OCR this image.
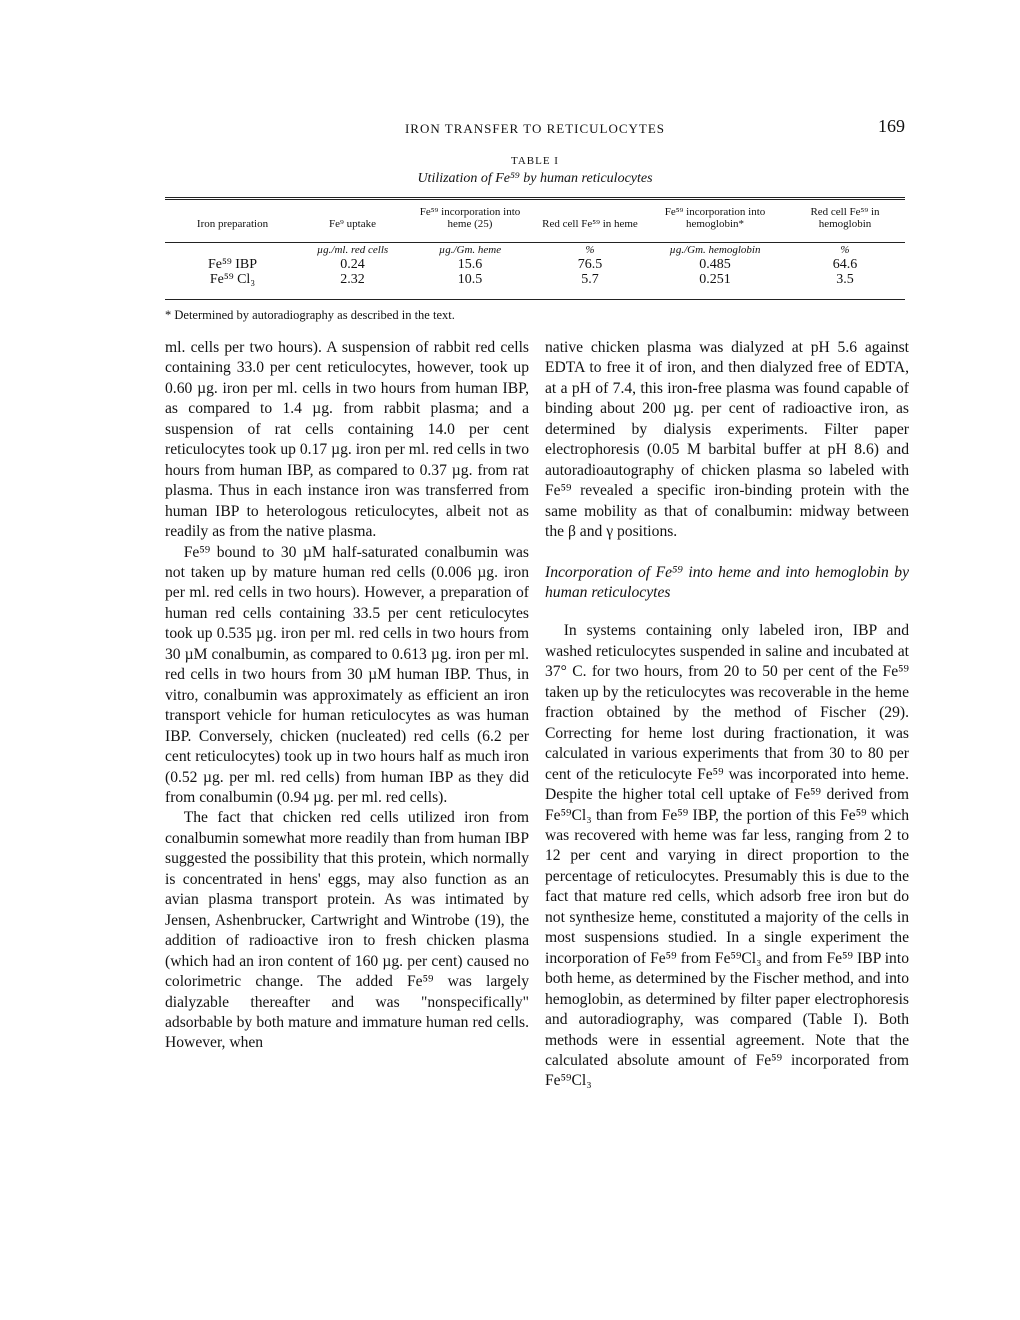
IRON TRANSFER TO RETICULOCYTES	169
TABLE I
Utilization of Fe⁵⁹ by human reticulocytes
Iron preparation	Fe⁹ uptake	Fe⁵⁹ incorporation into heme (25)	Red cell Fe⁵⁹ in heme	Fe⁵⁹ incorporation into hemoglobin*	Red cell Fe⁵⁹ in hemoglobin
	µg./ml. red cells	µg./Gm. heme	%	µg./Gm. hemoglobin	%
Fe⁵⁹ IBP	0.24	15.6	76.5	0.485	64.6
Fe⁵⁹ Cl₃	2.32	10.5	5.7	0.251	3.5
* Determined by autoradiography as described in the text.

ml. cells per two hours). A suspension of rabbit red cells containing 33.0 per cent reticulocytes, however, took up 0.60 µg. iron per ml. cells in two hours from human IBP, as compared to 1.4 µg. from rabbit plasma; and a suspension of rat cells containing 14.0 per cent reticulocytes took up 0.17 µg. iron per ml. red cells in two hours from human IBP, as compared to 0.37 µg. from rat plasma. Thus in each instance iron was transferred from human IBP to heterologous reticulocytes, albeit not as readily as from the native plasma.

Fe⁵⁹ bound to 30 µM half-saturated conalbumin was not taken up by mature human red cells (0.006 µg. iron per ml. red cells in two hours). However, a preparation of human red cells containing 33.5 per cent reticulocytes took up 0.535 µg. iron per ml. red cells in two hours from 30 µM conalbumin, as compared to 0.613 µg. iron per ml. red cells in two hours from 30 µM human IBP. Thus, in vitro, conalbumin was approximately as efficient an iron transport vehicle for human reticulocytes as was human IBP. Conversely, chicken (nucleated) red cells (6.2 per cent reticulocytes) took up in two hours half as much iron (0.52 µg. per ml. red cells) from human IBP as they did from conalbumin (0.94 µg. per ml. red cells).

The fact that chicken red cells utilized iron from conalbumin somewhat more readily than from human IBP suggested the possibility that this protein, which normally is concentrated in hens' eggs, may also function as an avian plasma transport protein. As was intimated by Jensen, Ashenbrucker, Cartwright and Wintrobe (19), the addition of radioactive iron to fresh chicken plasma (which had an iron content of 160 µg. per cent) caused no colorimetric change. The added Fe⁵⁹ was largely dialyzable thereafter and was "nonspecifically" adsorbable by both mature and immature human red cells. However, when

native chicken plasma was dialyzed at pH 5.6 against EDTA to free it of iron, and then dialyzed free of EDTA, at a pH of 7.4, this iron-free plasma was found capable of binding about 200 µg. per cent of radioactive iron, as determined by dialysis experiments. Filter paper electrophoresis (0.05 M barbital buffer at pH 8.6) and autoradioautography of chicken plasma so labeled with Fe⁵⁹ revealed a specific iron-binding protein with the same mobility as that of conalbumin: midway between the β and γ positions.

Incorporation of Fe⁵⁹ into heme and into hemoglobin by human reticulocytes

In systems containing only labeled iron, IBP and washed reticulocytes suspended in saline and incubated at 37° C. for two hours, from 20 to 50 per cent of the Fe⁵⁹ taken up by the reticulocytes was recoverable in the heme fraction obtained by the method of Fischer (29). Correcting for heme lost during fractionation, it was calculated in various experiments that from 30 to 80 per cent of the reticulocyte Fe⁵⁹ was incorporated into heme. Despite the higher total cell uptake of Fe⁵⁹ derived from Fe⁵⁹Cl₃ than from Fe⁵⁹ IBP, the portion of this Fe⁵⁹ which was recovered with heme was far less, ranging from 2 to 12 per cent and varying in direct proportion to the percentage of reticulocytes. Presumably this is due to the fact that mature red cells, which adsorb free iron but do not synthesize heme, constituted a majority of the cells in most suspensions studied. In a single experiment the incorporation of Fe⁵⁹ from Fe⁵⁹Cl₃ and from Fe⁵⁹ IBP into both heme, as determined by the Fischer method, and into hemoglobin, as determined by filter paper electrophoresis and autoradiography, was compared (Table I). Both methods were in essential agreement. Note that the calculated absolute amount of Fe⁵⁹ incorporated from Fe⁵⁹Cl₃
